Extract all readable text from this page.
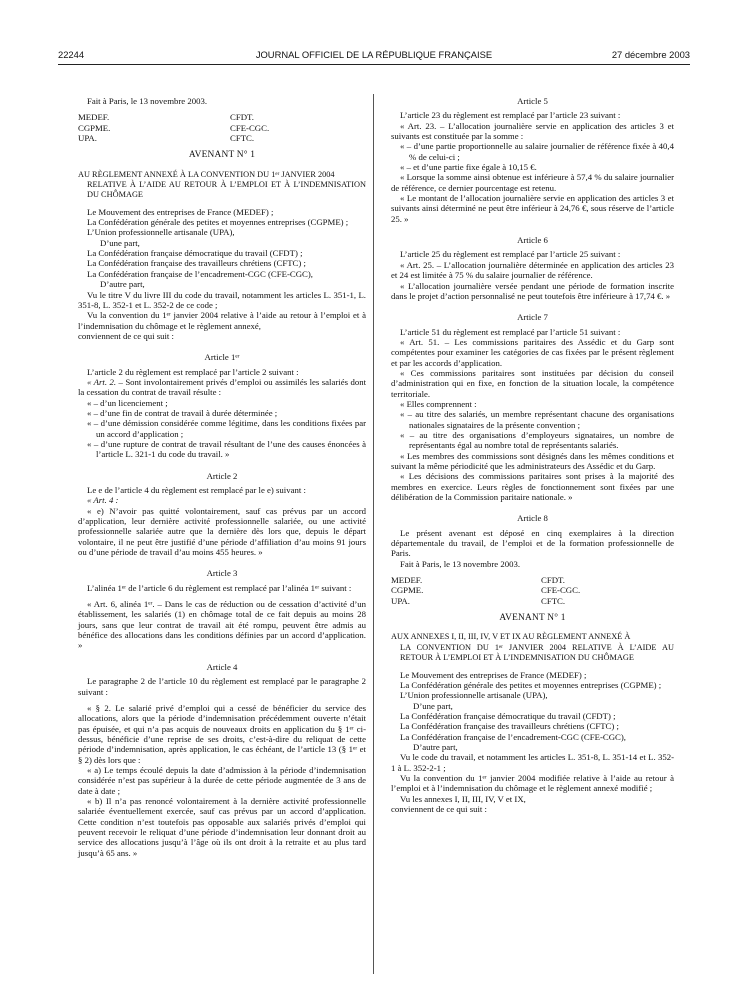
22244	JOURNAL OFFICIEL DE LA RÉPUBLIQUE FRANÇAISE	27 décembre 2003

Fait à Paris, le 13 novembre 2003.

MEDEF.	CFDT.
CGPME.	CFE-CGC.
UPA.	CFTC.

AVENANT N° 1

AU RÈGLEMENT ANNEXÉ À LA CONVENTION DU 1ᵉʳ JANVIER 2004
RELATIVE À L’AIDE AU RETOUR À L’EMPLOI ET À L’INDEMNISATION DU CHÔMAGE

Le Mouvement des entreprises de France (MEDEF) ;

La Confédération générale des petites et moyennes entreprises (CGPME) ;

L’Union professionnelle artisanale (UPA),

D’une part,

La Confédération française démocratique du travail (CFDT) ;

La Confédération française des travailleurs chrétiens (CFTC) ;

La Confédération française de l’encadrement-CGC (CFE-CGC),

D’autre part,

Vu le titre V du livre III du code du travail, notamment les articles L. 351-1, L. 351-8, L. 352-1 et L. 352-2 de ce code ;

Vu la convention du 1ᵉʳ janvier 2004 relative à l’aide au retour à l’emploi et à l’indemnisation du chômage et le règlement annexé,

conviennent de ce qui suit :

Article 1ᵉʳ

L’article 2 du règlement est remplacé par l’article 2 suivant :

« Art. 2. – Sont involontairement privés d’emploi ou assimilés les salariés dont la cessation du contrat de travail résulte :

« – d’un licenciement ;

« – d’une fin de contrat de travail à durée déterminée ;

« – d’une démission considérée comme légitime, dans les conditions fixées par un accord d’application ;

« – d’une rupture de contrat de travail résultant de l’une des causes énoncées à l’article L. 321-1 du code du travail. »

Article 2

Le e de l’article 4 du règlement est remplacé par le e) suivant :

« Art. 4 :

« e) N’avoir pas quitté volontairement, sauf cas prévus par un accord d’application, leur dernière activité professionnelle salariée, ou une activité professionnelle salariée autre que la dernière dès lors que, depuis le départ volontaire, il ne peut être justifié d’une période d’affiliation d’au moins 91 jours ou d’une période de travail d’au moins 455 heures. »

Article 3

L’alinéa 1ᵉʳ de l’article 6 du règlement est remplacé par l’alinéa 1ᵉʳ suivant :

« Art. 6, alinéa 1ᵉʳ. – Dans le cas de réduction ou de cessation d’activité d’un établissement, les salariés (1) en chômage total de ce fait depuis au moins 28 jours, sans que leur contrat de travail ait été rompu, peuvent être admis au bénéfice des allocations dans les conditions définies par un accord d’application. »

Article 4

Le paragraphe 2 de l’article 10 du règlement est remplacé par le paragraphe 2 suivant :

« § 2. Le salarié privé d’emploi qui a cessé de bénéficier du service des allocations, alors que la période d’indemnisation précédemment ouverte n’était pas épuisée, et qui n’a pas acquis de nouveaux droits en application du § 1ᵉʳ ci-dessus, bénéficie d’une reprise de ses droits, c’est-à-dire du reliquat de cette période d’indemnisation, après application, le cas échéant, de l’article 13 (§ 1ᵉʳ et § 2) dès lors que :

« a) Le temps écoulé depuis la date d’admission à la période d’indemnisation considérée n’est pas supérieur à la durée de cette période augmentée de 3 ans de date à date ;

« b) Il n’a pas renoncé volontairement à la dernière activité professionnelle salariée éventuellement exercée, sauf cas prévus par un accord d’application. Cette condition n’est toutefois pas opposable aux salariés privés d’emploi qui peuvent recevoir le reliquat d’une période d’indemnisation leur donnant droit au service des allocations jusqu’à l’âge où ils ont droit à la retraite et au plus tard jusqu’à 65 ans. »

Article 5

L’article 23 du règlement est remplacé par l’article 23 suivant :

« Art. 23. – L’allocation journalière servie en application des articles 3 et suivants est constituée par la somme :

« – d’une partie proportionnelle au salaire journalier de référence fixée à 40,4 % de celui-ci ;

« – et d’une partie fixe égale à 10,15 €.

« Lorsque la somme ainsi obtenue est inférieure à 57,4 % du salaire journalier de référence, ce dernier pourcentage est retenu.

« Le montant de l’allocation journalière servie en application des articles 3 et suivants ainsi déterminé ne peut être inférieur à 24,76 €, sous réserve de l’article 25. »

Article 6

L’article 25 du règlement est remplacé par l’article 25 suivant :

« Art. 25. – L’allocation journalière déterminée en application des articles 23 et 24 est limitée à 75 % du salaire journalier de référence.

« L’allocation journalière versée pendant une période de formation inscrite dans le projet d’action personnalisé ne peut toutefois être inférieure à 17,74 €. »

Article 7

L’article 51 du règlement est remplacé par l’article 51 suivant :

« Art. 51. – Les commissions paritaires des Assédic et du Garp sont compétentes pour examiner les catégories de cas fixées par le présent règlement et par les accords d’application.

« Ces commissions paritaires sont instituées par décision du conseil d’administration qui en fixe, en fonction de la situation locale, la compétence territoriale.

« Elles comprennent :

« – au titre des salariés, un membre représentant chacune des organisations nationales signataires de la présente convention ;

« – au titre des organisations d’employeurs signataires, un nombre de représentants égal au nombre total de représentants salariés.

« Les membres des commissions sont désignés dans les mêmes conditions et suivant la même périodicité que les administrateurs des Assédic et du Garp.

« Les décisions des commissions paritaires sont prises à la majorité des membres en exercice. Leurs règles de fonctionnement sont fixées par une délibération de la Commission paritaire nationale. »

Article 8

Le présent avenant est déposé en cinq exemplaires à la direction départementale du travail, de l’emploi et de la formation professionnelle de Paris.

Fait à Paris, le 13 novembre 2003.

MEDEF.	CFDT.
CGPME.	CFE-CGC.
UPA.	CFTC.

AVENANT N° 1

AUX ANNEXES I, II, III, IV, V ET IX AU RÈGLEMENT ANNEXÉ À
LA CONVENTION DU 1ᵉʳ JANVIER 2004 RELATIVE À L’AIDE AU RETOUR À L’EMPLOI ET À L’INDEMNISATION DU CHÔMAGE

Le Mouvement des entreprises de France (MEDEF) ;

La Confédération générale des petites et moyennes entreprises (CGPME) ;

L’Union professionnelle artisanale (UPA),

D’une part,

La Confédération française démocratique du travail (CFDT) ;

La Confédération française des travailleurs chrétiens (CFTC) ;

La Confédération française de l’encadrement-CGC (CFE-CGC),

D’autre part,

Vu le code du travail, et notamment les articles L. 351-8, L. 351-14 et L. 352-1 à L. 352-2-1 ;

Vu la convention du 1ᵉʳ janvier 2004 modifiée relative à l’aide au retour à l’emploi et à l’indemnisation du chômage et le règlement annexé modifié ;

Vu les annexes I, II, III, IV, V et IX,

conviennent de ce qui suit :
